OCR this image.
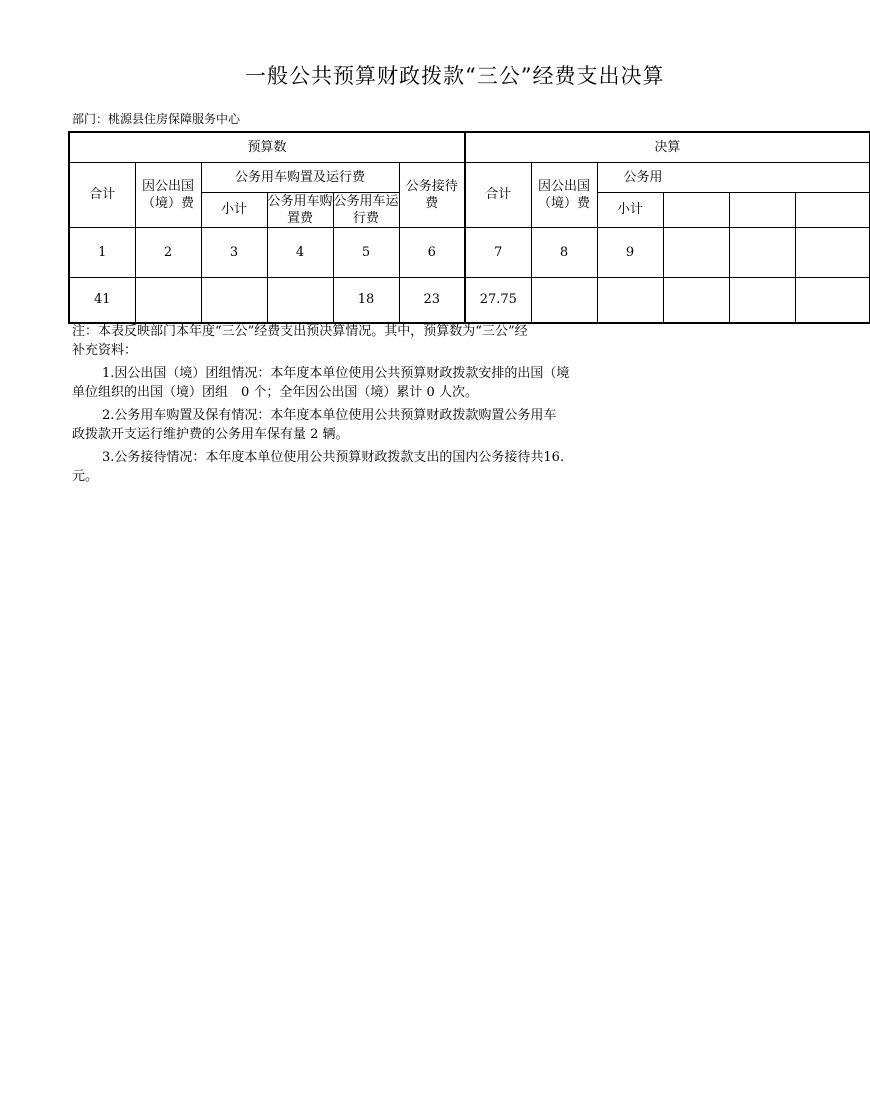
一般公共预算财政拨款“三公”经费支出决算
部门：桃源县住房保障服务中心
预算数						决算					
合计	因公出国（境）费	公务用车购置及运行费			公务接待费	合计	因公出国（境）费	公务用			
		小计	公务用车购置费	公务用车运行费				小计			
1	2	3	4	5	6	7	8	9			
41				18	23	27.75					

注：本表反映部门本年度“三公”经费支出预决算情况。其中，预算数为“三公”经

补充资料：

1.因公出国（境）团组情况：本年度本单位使用公共预算财政拨款安排的出国（境

单位组织的出国（境）团组　0 个；全年因公出国（境）累计 0 人次。

2.公务用车购置及保有情况：本年度本单位使用公共预算财政拨款购置公务用车

政拨款开支运行维护费的公务用车保有量 2 辆。

3.公务接待情况：本年度本单位使用公共预算财政拨款支出的国内公务接待共16.

元。
